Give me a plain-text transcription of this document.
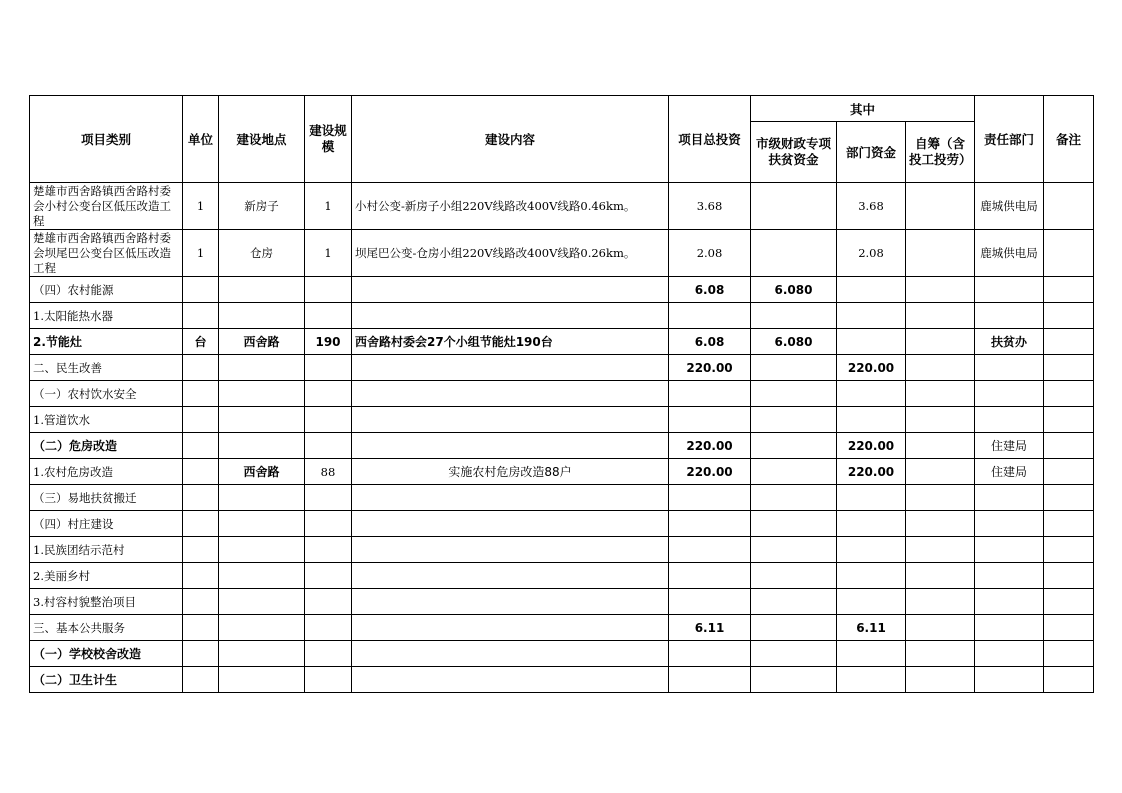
项目类别	单位	建设地点	建设规模	建设内容	项目总投资	其中			责任部门	备注
						市级财政专项扶贫资金	部门资金	自筹（含投工投劳）		
楚雄市西舍路镇西舍路村委会小村公变台区低压改造工程	1	新房子	1	小村公变-新房子小组220V线路改400V线路0.46km。	3.68		3.68		鹿城供电局	
楚雄市西舍路镇西舍路村委会坝尾巴公变台区低压改造工程	1	仓房	1	坝尾巴公变-仓房小组220V线路改400V线路0.26km。	2.08		2.08		鹿城供电局	
（四）农村能源					6.08	6.080				
1.太阳能热水器										
2.节能灶	台	西舍路	190	西舍路村委会27个小组节能灶190台	6.08	6.080			扶贫办	
二、民生改善					220.00		220.00			
（一）农村饮水安全										
1.管道饮水										
（二）危房改造					220.00		220.00		住建局	
1.农村危房改造		西舍路	88	实施农村危房改造88户	220.00		220.00		住建局	
（三）易地扶贫搬迁										
（四）村庄建设										
1.民族团结示范村										
2.美丽乡村										
3.村容村貌整治项目										
三、基本公共服务					6.11		6.11			
（一）学校校舍改造										
（二）卫生计生										
